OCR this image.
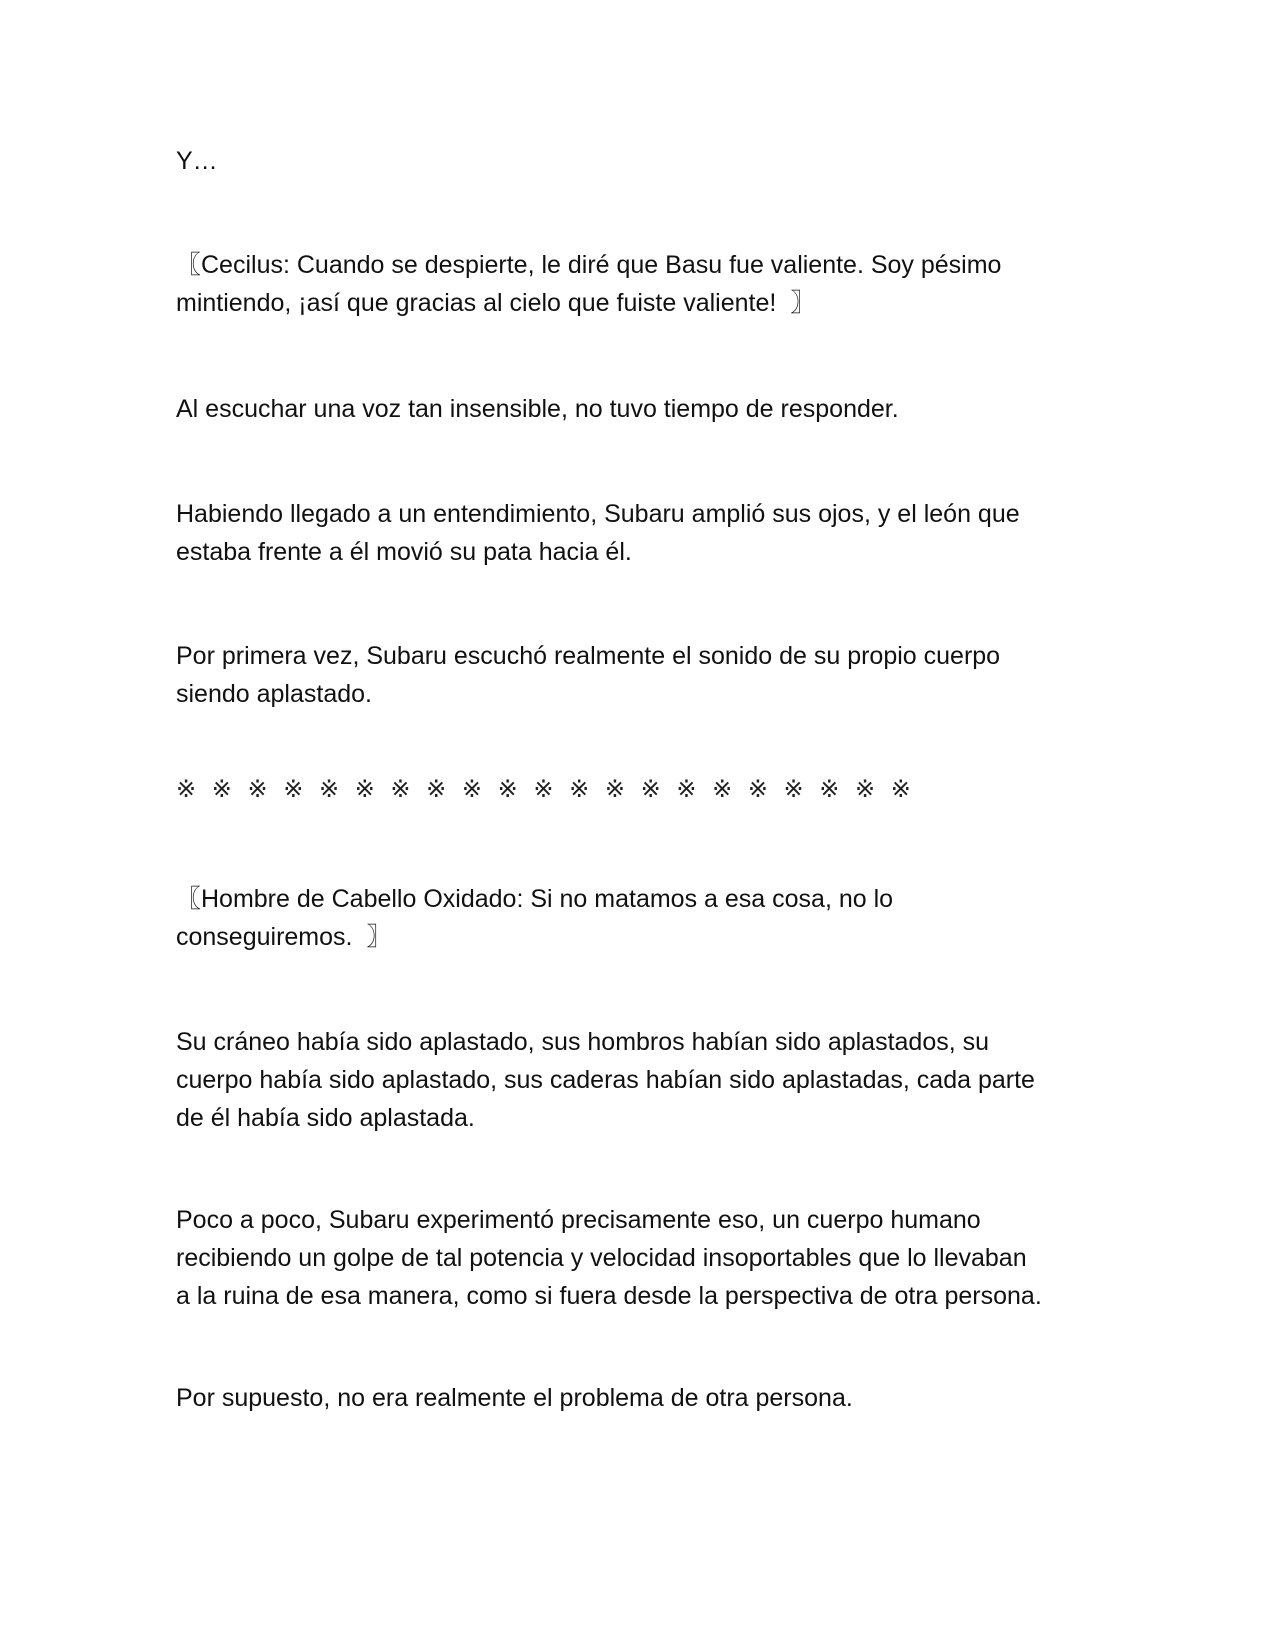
Y…

〖Cecilus: Cuando se despierte, le diré que Basu fue valiente. Soy pésimo
mintiendo, ¡así que gracias al cielo que fuiste valiente!  〗

Al escuchar una voz tan insensible, no tuvo tiempo de responder.

Habiendo llegado a un entendimiento, Subaru amplió sus ojos, y el león que
estaba frente a él movió su pata hacia él.

Por primera vez, Subaru escuchó realmente el sonido de su propio cuerpo
siendo aplastado.

※ ※ ※ ※ ※ ※ ※ ※ ※ ※ ※ ※ ※ ※ ※ ※ ※ ※ ※ ※ ※

〖Hombre de Cabello Oxidado: Si no matamos a esa cosa, no lo
conseguiremos.  〗

Su cráneo había sido aplastado, sus hombros habían sido aplastados, su
cuerpo había sido aplastado, sus caderas habían sido aplastadas, cada parte
de él había sido aplastada.

Poco a poco, Subaru experimentó precisamente eso, un cuerpo humano
recibiendo un golpe de tal potencia y velocidad insoportables que lo llevaban
a la ruina de esa manera, como si fuera desde la perspectiva de otra persona.

Por supuesto, no era realmente el problema de otra persona.
